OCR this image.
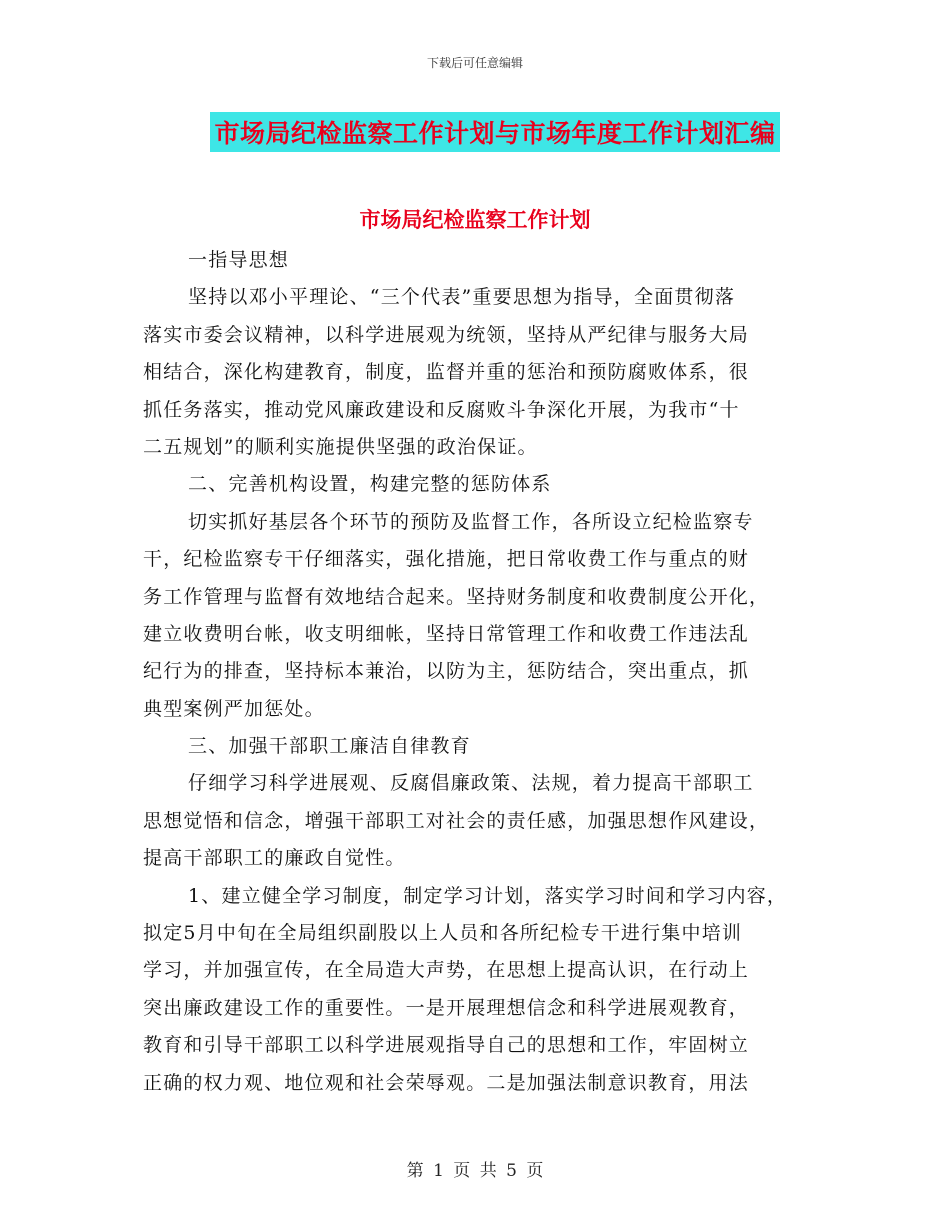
下载后可任意编辑
市场局纪检监察工作计划与市场年度工作计划汇编
市场局纪检监察工作计划
一指导思想
坚持以邓小平理论、“三个代表”重要思想为指导，全面贯彻落
落实市委会议精神，以科学进展观为统领，坚持从严纪律与服务大局
相结合，深化构建教育，制度，监督并重的惩治和预防腐败体系，很
抓任务落实，推动党风廉政建设和反腐败斗争深化开展，为我市“十
二五规划”的顺利实施提供坚强的政治保证。
二、完善机构设置，构建完整的惩防体系
切实抓好基层各个环节的预防及监督工作，各所设立纪检监察专
干，纪检监察专干仔细落实，强化措施，把日常收费工作与重点的财
务工作管理与监督有效地结合起来。坚持财务制度和收费制度公开化，
建立收费明台帐，收支明细帐，坚持日常管理工作和收费工作违法乱
纪行为的排查，坚持标本兼治，以防为主，惩防结合，突出重点，抓
典型案例严加惩处。
三、加强干部职工廉洁自律教育
仔细学习科学进展观、反腐倡廉政策、法规，着力提高干部职工
思想觉悟和信念，增强干部职工对社会的责任感，加强思想作风建设，
提高干部职工的廉政自觉性。
1、建立健全学习制度，制定学习计划，落实学习时间和学习内容，
拟定5月中旬在全局组织副股以上人员和各所纪检专干进行集中培训
学习，并加强宣传，在全局造大声势，在思想上提高认识，在行动上
突出廉政建设工作的重要性。一是开展理想信念和科学进展观教育，
教育和引导干部职工以科学进展观指导自己的思想和工作，牢固树立
正确的权力观、地位观和社会荣辱观。二是加强法制意识教育，用法
第 1 页 共 5 页
